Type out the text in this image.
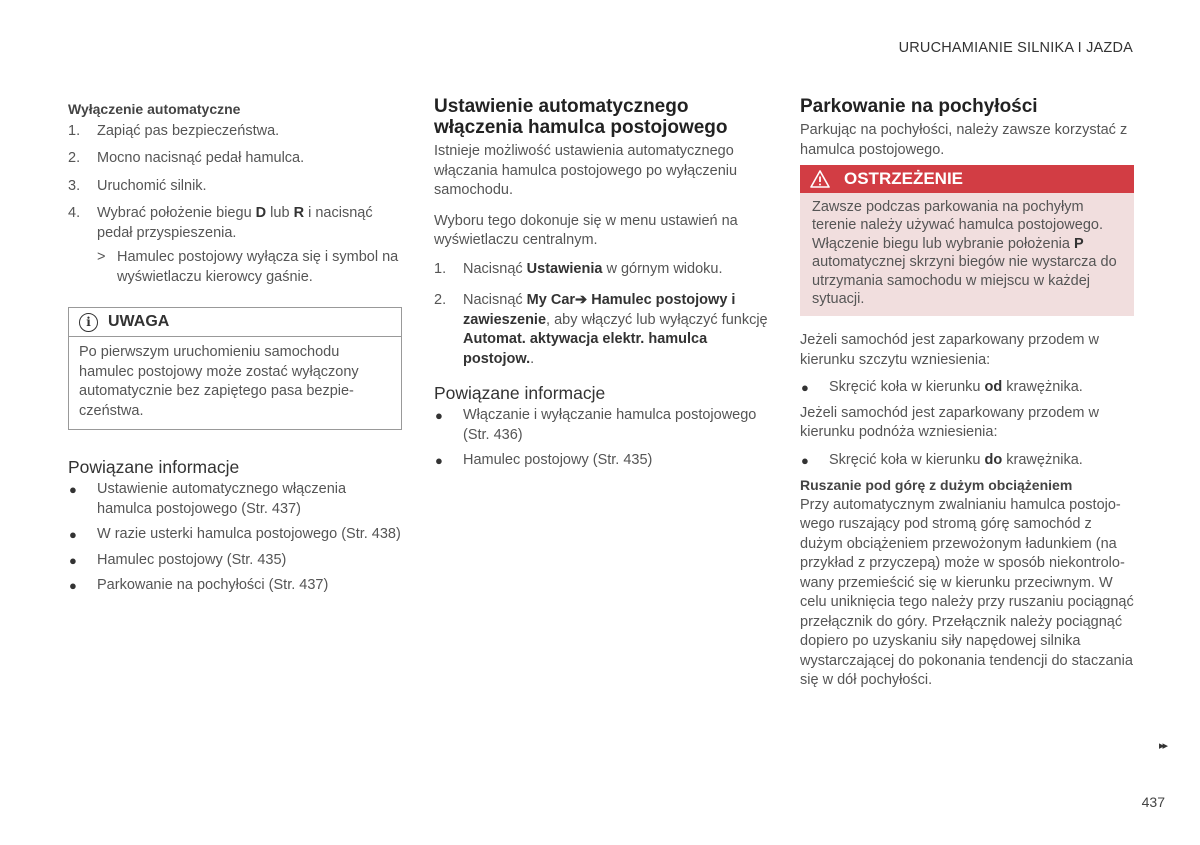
URUCHAMIANIE SILNIKA I JAZDA

Wyłączenie automatyczne

1. Zapiąć pas bezpieczeństwa.
2. Mocno nacisnąć pedał hamulca.
3. Uruchomić silnik.
4. Wybrać położenie biegu D lub R i nacisnąć pedał przyspieszenia.
> Hamulec postojowy wyłącza się i symbol na wyświetlaczu kierowcy gaśnie.
i	UWAGA
Po pierwszym uruchomieniu samochodu hamulec postojowy może zostać wyłączony automatycznie bez zapiętego pasa bezpieczeństwa.

Powiązane informacje

● Ustawienie automatycznego włączenia hamulca postojowego (Str. 437)
● W razie usterki hamulca postojowego (Str. 438)
● Hamulec postojowy (Str. 435)
● Parkowanie na pochyłości (Str. 437)

Ustawienie automatycznego włączenia hamulca postojowego

Istnieje możliwość ustawienia automatycznego włączania hamulca postojowego po wyłączeniu samochodu.

Wyboru tego dokonuje się w menu ustawień na wyświetlaczu centralnym.

1. Nacisnąć Ustawienia w górnym widoku.
2. Nacisnąć My Car➔ Hamulec postojowy i zawieszenie, aby włączyć lub wyłączyć funkcję Automat. aktywacja elektr. hamulca postojow..

Powiązane informacje

● Włączanie i wyłączanie hamulca postojowego (Str. 436)
● Hamulec postojowy (Str. 435)

Parkowanie na pochyłości

Parkując na pochyłości, należy zawsze korzystać z hamulca postojowego.

OSTRZEŻENIE
Zawsze podczas parkowania na pochyłym terenie należy używać hamulca postojowego. Włączenie biegu lub wybranie położenia P automatycznej skrzyni biegów nie wystarcza do utrzymania samochodu w miejscu w każdej sytuacji.

Jeżeli samochód jest zaparkowany przodem w kierunku szczytu wzniesienia:

● Skręcić koła w kierunku od krawężnika.

Jeżeli samochód jest zaparkowany przodem w kierunku podnóża wzniesienia:

● Skręcić koła w kierunku do krawężnika.

Ruszanie pod górę z dużym obciążeniem

Przy automatycznym zwalnianiu hamulca postojowego ruszający pod stromą górę samochód z dużym obciążeniem przewożonym ładunkiem (na przykład z przyczepą) może w sposób niekontrolowany przemieścić się w kierunku przeciwnym. W celu uniknięcia tego należy przy ruszaniu pociągnąć przełącznik do góry. Przełącznik należy pociągnąć dopiero po uzyskaniu siły napędowej silnika wystarczającej do pokonania tendencji do staczania się w dół pochyłości.

▸▸
437
